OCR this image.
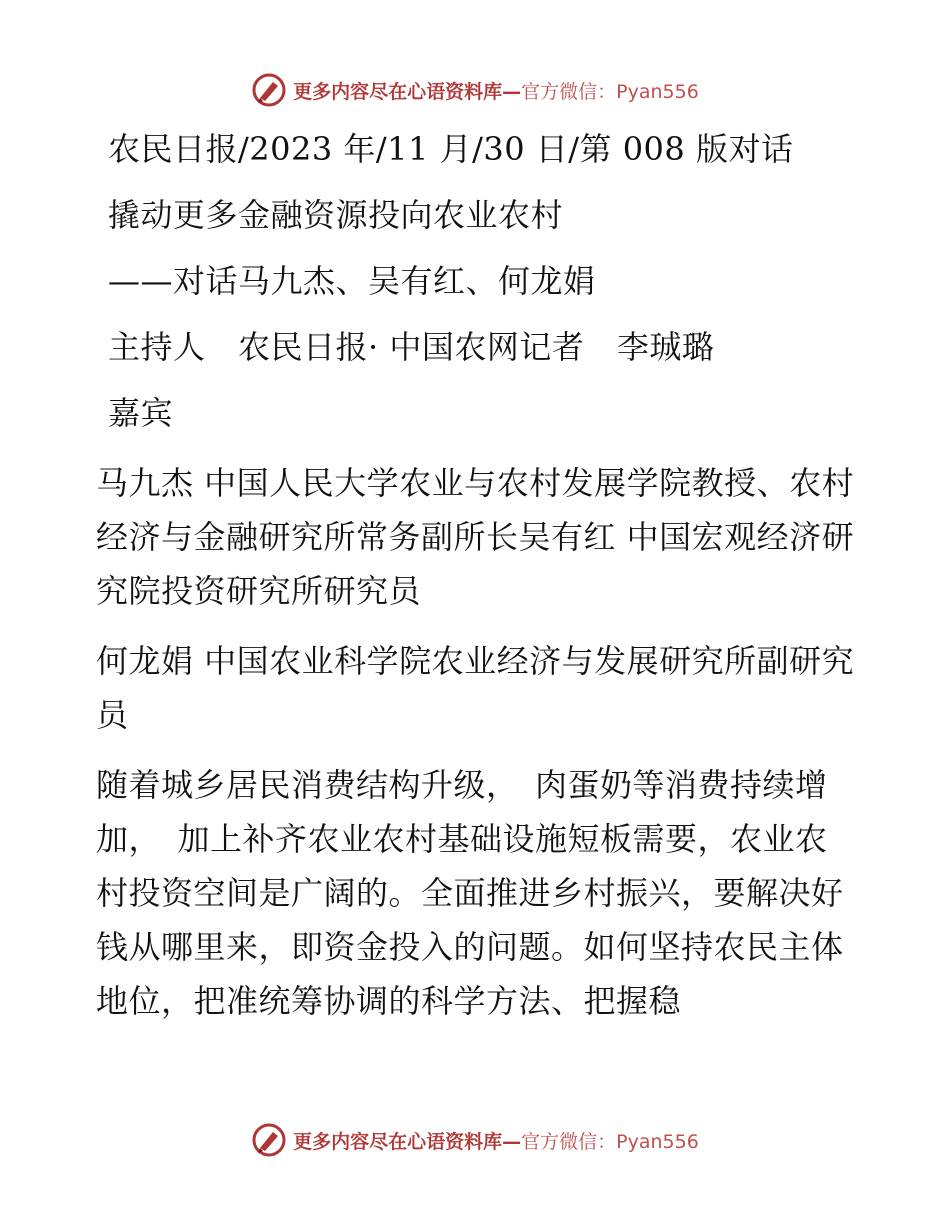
更多内容尽在心语资料库—官方微信：Pyan556

农民日报/2023 年/11 月/30 日/第 008 版对话

撬动更多金融资源投向农业农村

——对话马九杰、吴有红、何龙娟

主持人　农民日报· 中国农网记者　李珹璐

嘉宾

马九杰 中国人民大学农业与农村发展学院教授、农村经济与金融研究所常务副所长吴有红 中国宏观经济研究院投资研究所研究员

何龙娟 中国农业科学院农业经济与发展研究所副研究员

随着城乡居民消费结构升级，　肉蛋奶等消费持续增加，　加上补齐农业农村基础设施短板需要，农业农村投资空间是广阔的。全面推进乡村振兴，要解决好钱从哪里来，即资金投入的问题。如何坚持农民主体地位，把准统筹协调的科学方法、把握稳

更多内容尽在心语资料库—官方微信：Pyan556
